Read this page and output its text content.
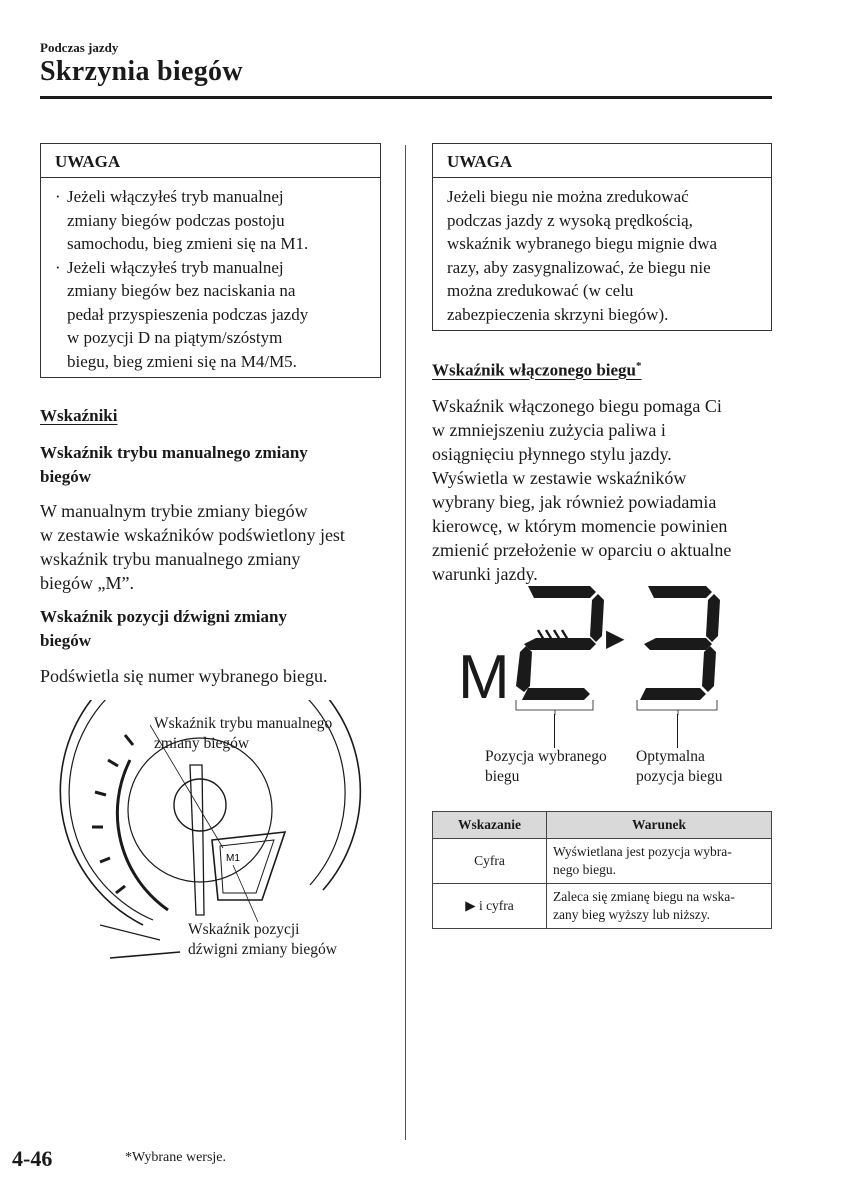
Podczas jazdy
Skrzynia biegów
UWAGA
· Jeżeli włączyłeś tryb manualnej
zmiany biegów podczas postoju
samochodu, bieg zmieni się na M1.
· Jeżeli włączyłeś tryb manualnej
zmiany biegów bez naciskania na
pedał przyspieszenia podczas jazdy
w pozycji D na piątym/szóstym
biegu, bieg zmieni się na M4/M5.
Wskaźniki
Wskaźnik trybu manualnego zmiany
biegów
W manualnym trybie zmiany biegów
w zestawie wskaźników podświetlony jest
wskaźnik trybu manualnego zmiany
biegów „M”.
Wskaźnik pozycji dźwigni zmiany
biegów
Podświetla się numer wybranego biegu.
M1
Wskaźnik trybu manualnego
zmiany biegów
Wskaźnik pozycji
dźwigni zmiany biegów
UWAGA
Jeżeli biegu nie można zredukować
podczas jazdy z wysoką prędkością,
wskaźnik wybranego biegu mignie dwa
razy, aby zasygnalizować, że biegu nie
można zredukować (w celu
zabezpieczenia skrzyni biegów).
Wskaźnik włączonego biegu*
Wskaźnik włączonego biegu pomaga Ci
w zmniejszeniu zużycia paliwa i
osiągnięciu płynnego stylu jazdy.
Wyświetla w zestawie wskaźników
wybrany bieg, jak również powiadamia
kierowcę, w którym momencie powinien
zmienić przełożenie w oparciu o aktualne
warunki jazdy.
M
▶
Pozycja wybranego
biegu
Optymalna
pozycja biegu
Wskazanie	Warunek
Cyfra	Wyświetlana jest pozycja wybra-
nego biegu.

▶ i cyfra	Zaleca się zmianę biegu na wska-
zany bieg wyższy lub niższy.
4-46	*Wybrane wersje.
